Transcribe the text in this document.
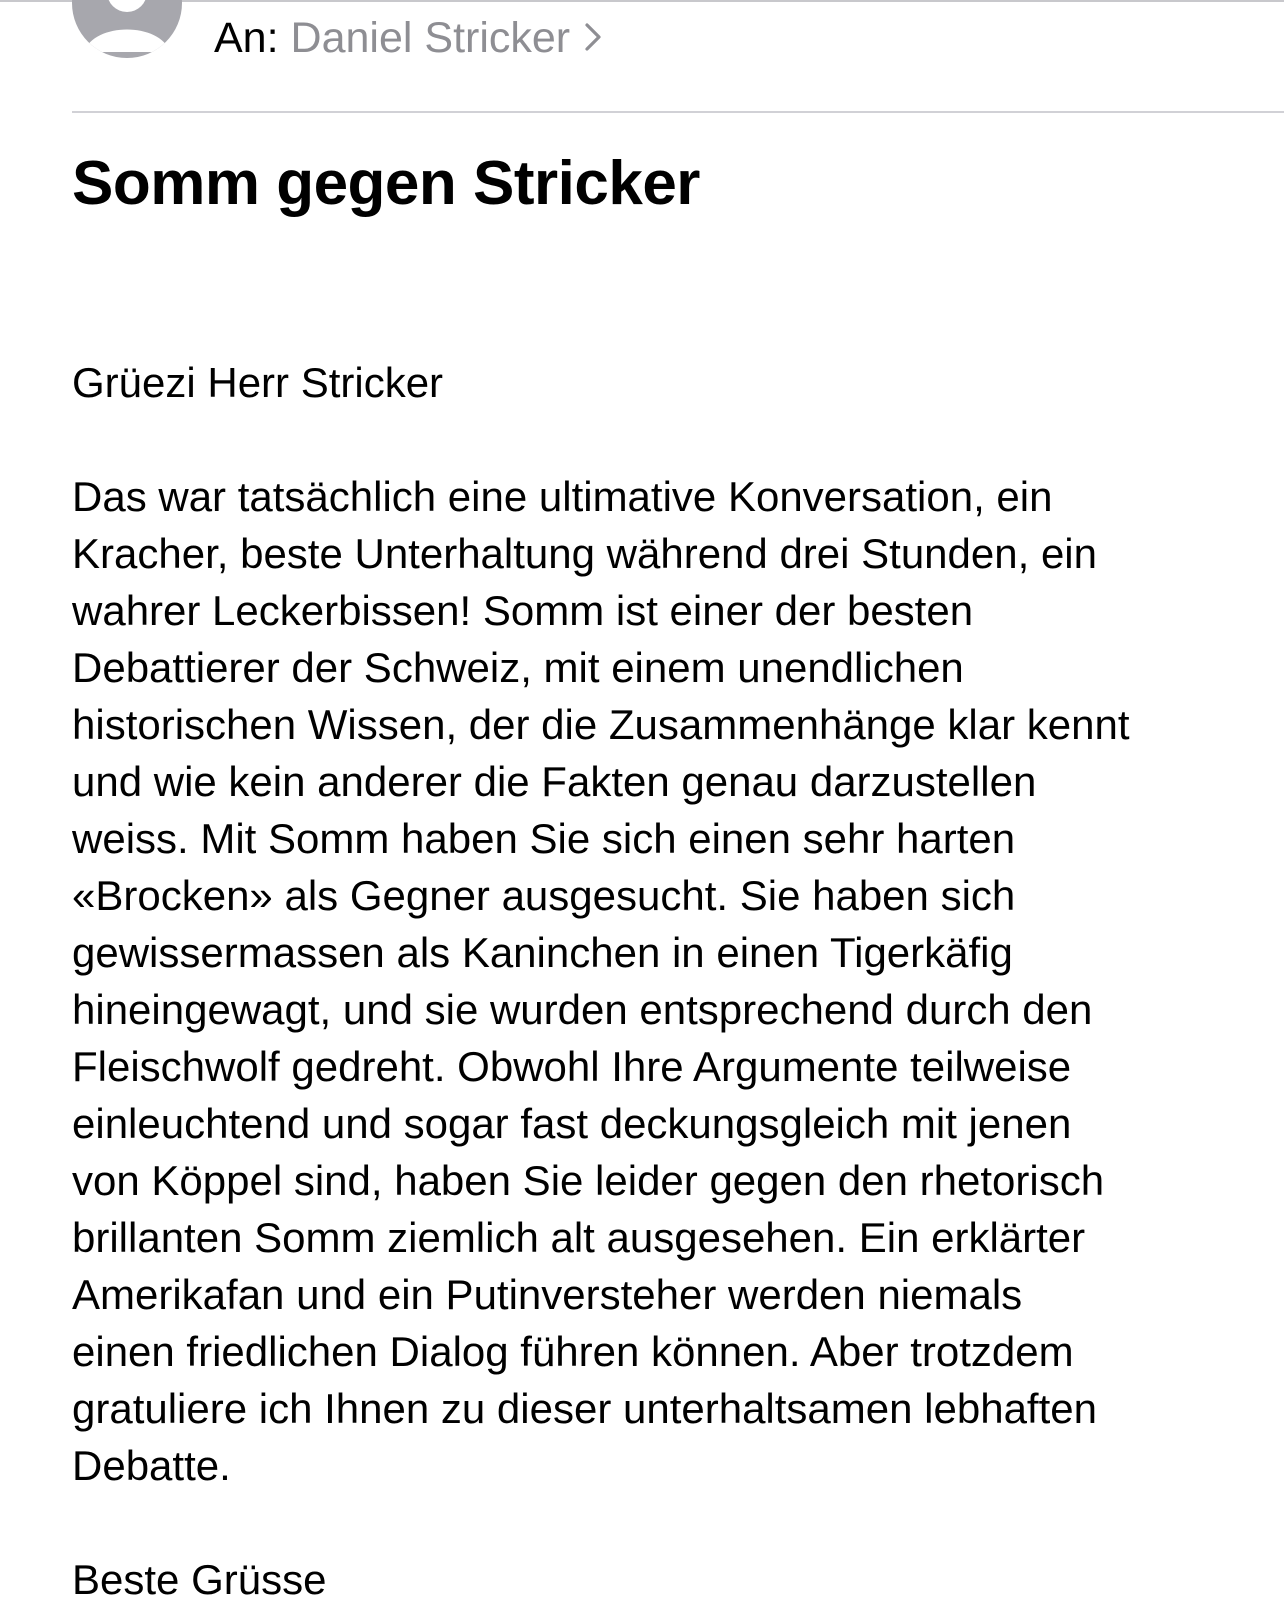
An: Daniel Stricker
Somm gegen Stricker

Grüezi Herr Stricker

Das war tatsächlich eine ultimative Konversation, ein

Kracher, beste Unterhaltung während drei Stunden, ein

wahrer Leckerbissen! Somm ist einer der besten

Debattierer der Schweiz, mit einem unendlichen

historischen Wissen, der die Zusammenhänge klar kennt

und wie kein anderer die Fakten genau darzustellen

weiss. Mit Somm haben Sie sich einen sehr harten

«Brocken» als Gegner ausgesucht. Sie haben sich

gewissermassen als Kaninchen in einen Tigerkäfig

hineingewagt, und sie wurden entsprechend durch den

Fleischwolf gedreht. Obwohl Ihre Argumente teilweise

einleuchtend und sogar fast deckungsgleich mit jenen

von Köppel sind, haben Sie leider gegen den rhetorisch

brillanten Somm ziemlich alt ausgesehen. Ein erklärter

Amerikafan und ein Putinversteher werden niemals

einen friedlichen Dialog führen können. Aber trotzdem

gratuliere ich Ihnen zu dieser unterhaltsamen lebhaften

Debatte.

Beste Grüsse
